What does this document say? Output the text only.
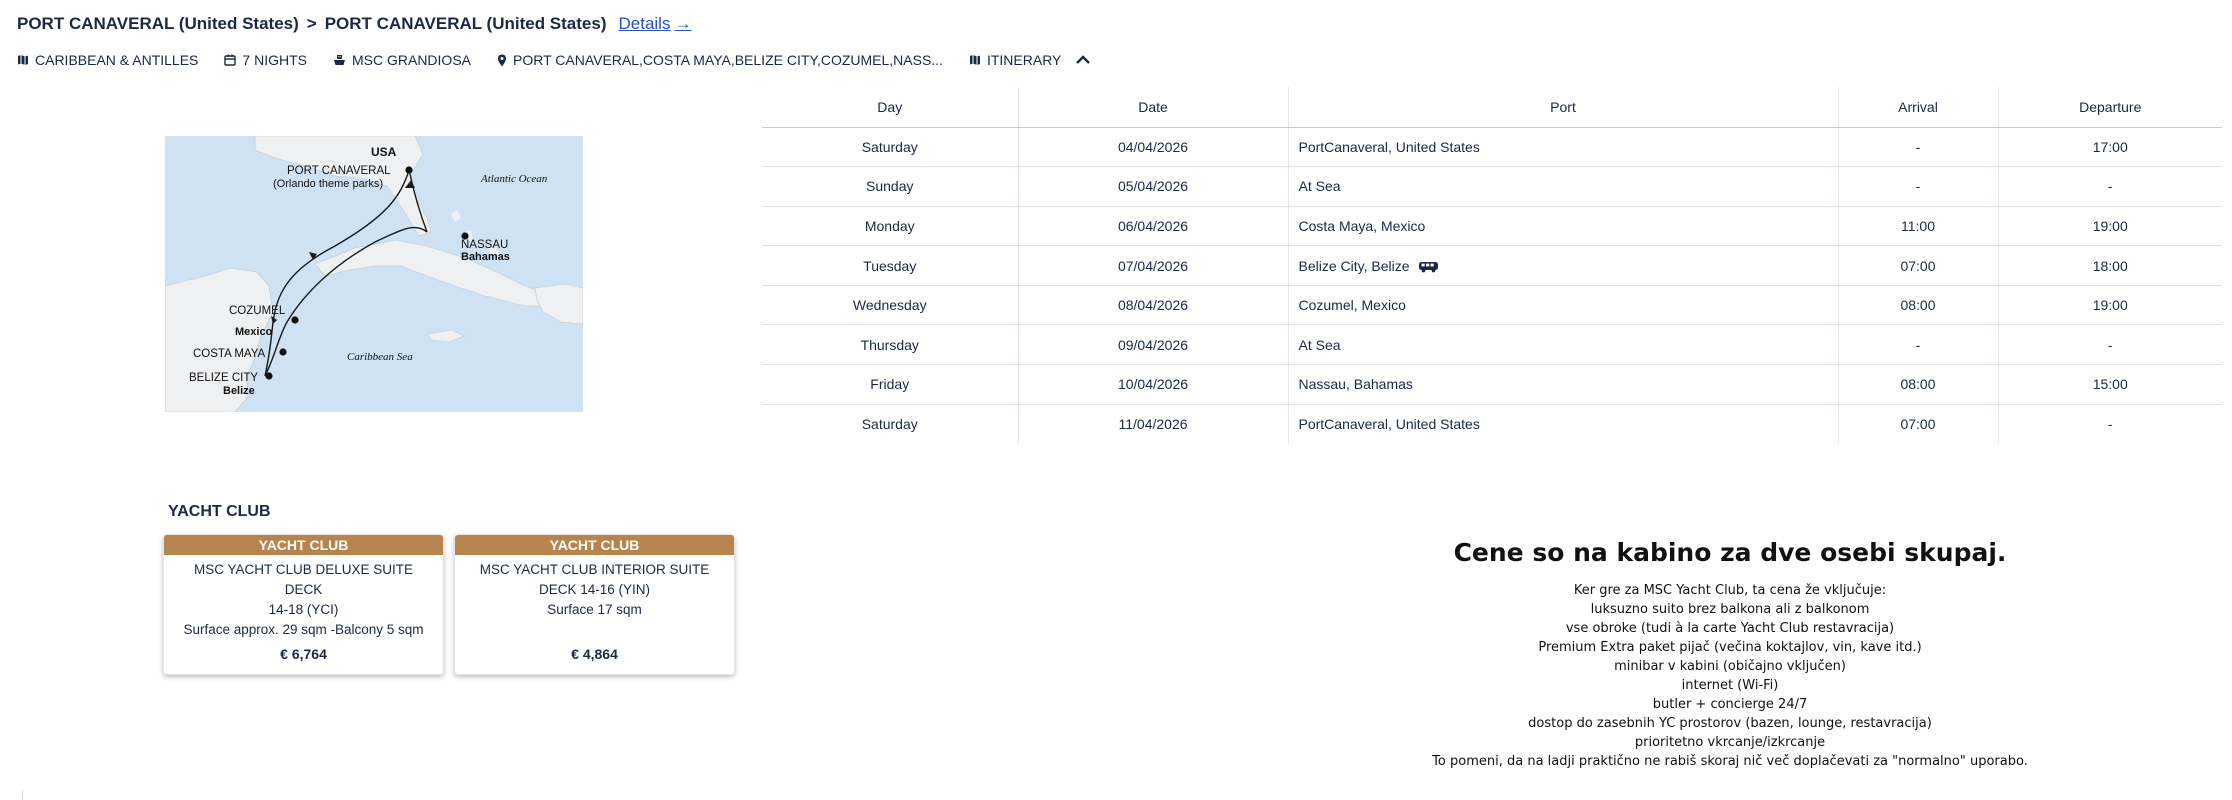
PORT CANAVERAL (United States) > PORT CANAVERAL (United States) Details →
CARIBBEAN & ANTILLES	7 NIGHTS	MSC GRANDIOSA	PORT CANAVERAL,COSTA MAYA,BELIZE CITY,COZUMEL,NASS...	ITINERARY
USA
PORT CANAVERAL
(Orlando theme parks)	Atlantic Ocean
NASSAU
Bahamas
COZUMEL
Mexico
COSTA MAYA	Caribbean Sea
BELIZE CITY
Belize
Day	Date	Port	Arrival	Departure
Saturday	04/04/2026	PortCanaveral, United States	-	17:00
Sunday	05/04/2026	At Sea	-	-
Monday	06/04/2026	Costa Maya, Mexico	11:00	19:00
Tuesday	07/04/2026	Belize City, Belize	07:00	18:00
Wednesday	08/04/2026	Cozumel, Mexico	08:00	19:00
Thursday	09/04/2026	At Sea	-	-
Friday	10/04/2026	Nassau, Bahamas	08:00	15:00
Saturday	11/04/2026	PortCanaveral, United States	07:00	-
YACHT CLUB
YACHT CLUB
MSC YACHT CLUB DELUXE SUITE DECK
14-18 (YCI)
Surface approx. 29 sqm -Balcony 5 sqm
€ 6,764
YACHT CLUB
MSC YACHT CLUB INTERIOR SUITE
DECK 14-16 (YIN)
Surface 17 sqm
€ 4,864
Cene so na kabino za dve osebi skupaj.
Ker gre za MSC Yacht Club, ta cena že vključuje:
luksuzno suito brez balkona ali z balkonom
vse obroke (tudi à la carte Yacht Club restavracija)
Premium Extra paket pijač (večina koktajlov, vin, kave itd.)
minibar v kabini (običajno vključen)
internet (Wi-Fi)
butler + concierge 24/7
dostop do zasebnih YC prostorov (bazen, lounge, restavracija)
prioritetno vkrcanje/izkrcanje
To pomeni, da na ladji praktično ne rabiš skoraj nič več doplačevati za "normalno" uporabo.
